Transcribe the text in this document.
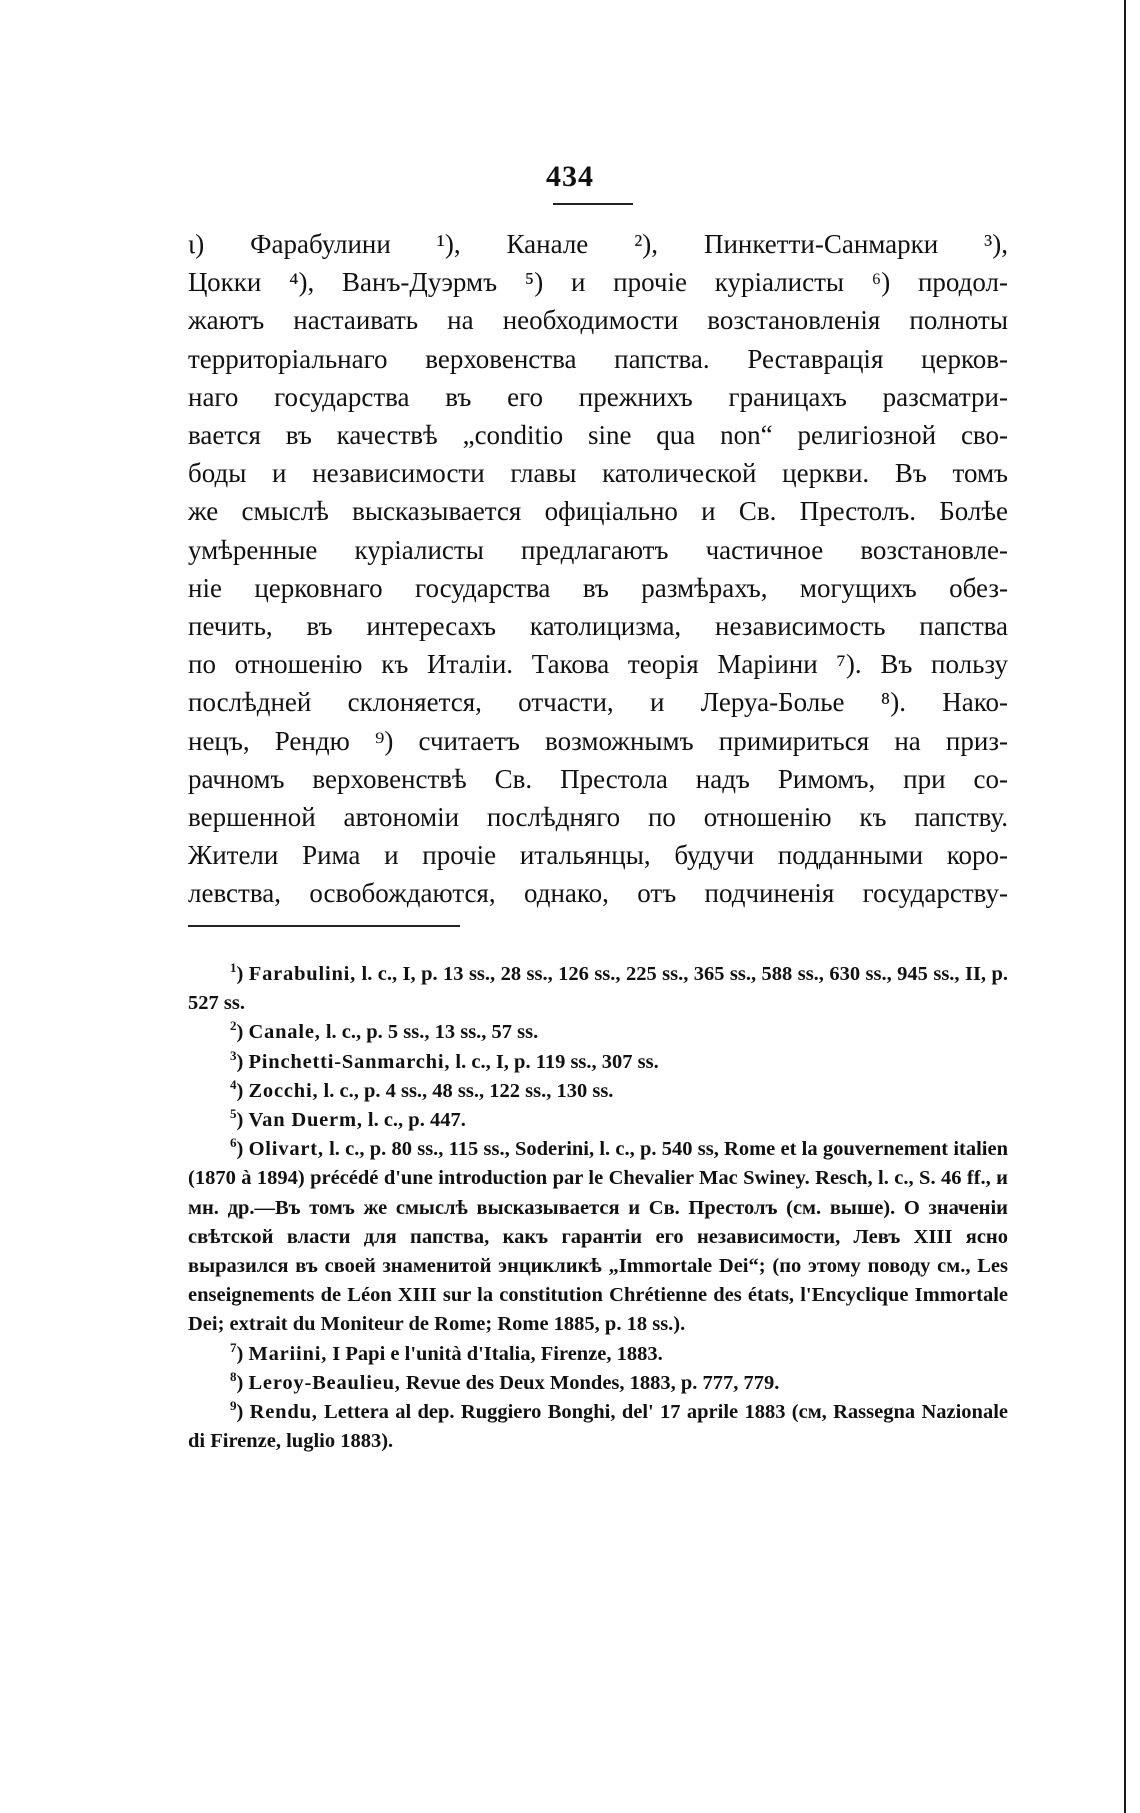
434
ι) Фарабулини ¹), Канале ²), Пинкетти-Санмарки ³),
Цокки ⁴), Ванъ-Дуэрмъ ⁵) и прочіе куріалисты ⁶) продол-
жаютъ настаивать на необходимости возстановленія полноты
территоріальнаго верховенства папства. Реставрація церков-
наго государства въ его прежнихъ границахъ разсматри-
вается въ качествѣ „conditio sine qua non“ религіозной сво-
боды и независимости главы католической церкви. Въ томъ
же смыслѣ высказывается офиціально и Св. Престолъ. Болѣе
умѣренные куріалисты предлагаютъ частичное возстановле-
ніе церковнаго государства въ размѣрахъ, могущихъ обез-
печить, въ интересахъ католицизма, независимость папства
по отношенію къ Италіи. Такова теорія Маріини ⁷). Въ пользу
послѣдней склоняется, отчасти, и Леруа-Болье ⁸). Нако-
нецъ, Рендю ⁹) считаетъ возможнымъ примириться на приз-
рачномъ верховенствѣ Св. Престола надъ Римомъ, при со-
вершенной автономіи послѣдняго по отношенію къ папству.
Жители Рима и прочіе итальянцы, будучи подданными коро-
левства, освобождаются, однако, отъ подчиненія государству-

$^1$) Farabulini, l. c., I, p. 13 ss., 28 ss., 126 ss., 225 ss., 365 ss., 588 ss., 630 ss., 945 ss., II, p. 527 ss.

$^2$) Canale, l. c., p. 5 ss., 13 ss., 57 ss.

$^3$) Pinchetti-Sanmarchi, l. c., I, p. 119 ss., 307 ss.

$^4$) Zocchi, l. c., p. 4 ss., 48 ss., 122 ss., 130 ss.

$^5$) Van Duerm, l. c., p. 447.

$^6$) Olivart, l. c., p. 80 ss., 115 ss., Soderini, l. c., p. 540 ss, Rome et la gouvernement italien (1870 à 1894) précédé d'une introduction par le Chevalier Mac Swiney. Resch, l. c., S. 46 ff., и мн. др.—Въ томъ же смыслѣ высказывается и Св. Престолъ (см. выше). О значеніи свѣтской власти для папства, какъ гарантіи его независимости, Левъ XIII ясно выразился въ своей знаменитой энцикликѣ „Immortale Dei“; (по этому поводу см., Les enseignements de Léon XIII sur la constitution Chrétienne des états, l'Encyclique Immortale Dei; extrait du Moniteur de Rome; Rome 1885, p. 18 ss.).

$^7$) Mariini, I Papi e l'unità d'Italia, Firenze, 1883.

$^8$) Leroy-Beaulieu, Revue des Deux Mondes, 1883, p. 777, 779.

$^9$) Rendu, Lettera al dep. Ruggiero Bonghi, del' 17 aprile 1883 (см, Rassegna Nazionale di Firenze, luglio 1883).
